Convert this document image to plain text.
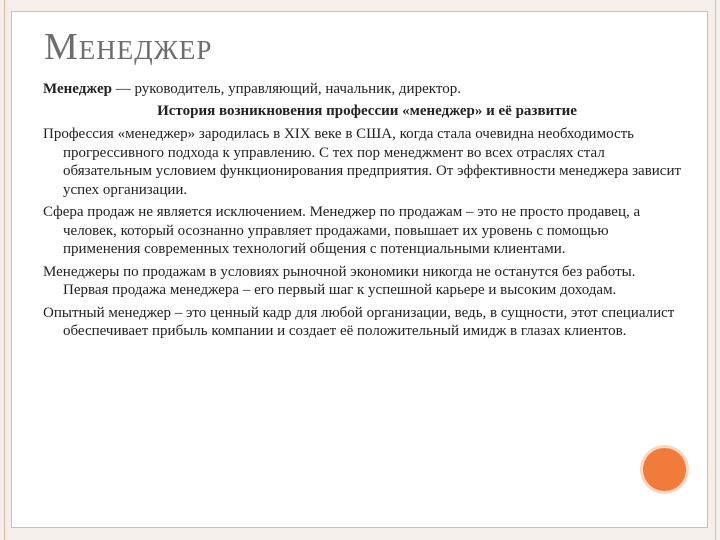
МЕНЕДЖЕР

Менеджер — руководитель, управляющий, начальник, директор.

История возникновения профессии «менеджер» и её развитие

Профессия «менеджер» зародилась в XIX веке в США, когда стала очевидна необходимость прогрессивного подхода к управлению. С тех пор менеджмент во всех отраслях стал обязательным условием функционирования предприятия. От эффективности менеджера зависит успех организации.

Сфера продаж не является исключением. Менеджер по продажам – это не просто продавец, а человек, который осознанно управляет продажами, повышает их уровень с помощью применения современных технологий общения с потенциальными клиентами.

Менеджеры по продажам в условиях рыночной экономики никогда не останутся без работы. Первая продажа менеджера – его первый шаг к успешной карьере и высоким доходам.

Опытный менеджер – это ценный кадр для любой организации, ведь, в сущности, этот специалист обеспечивает прибыль компании и создает её положительный имидж в глазах клиентов.
